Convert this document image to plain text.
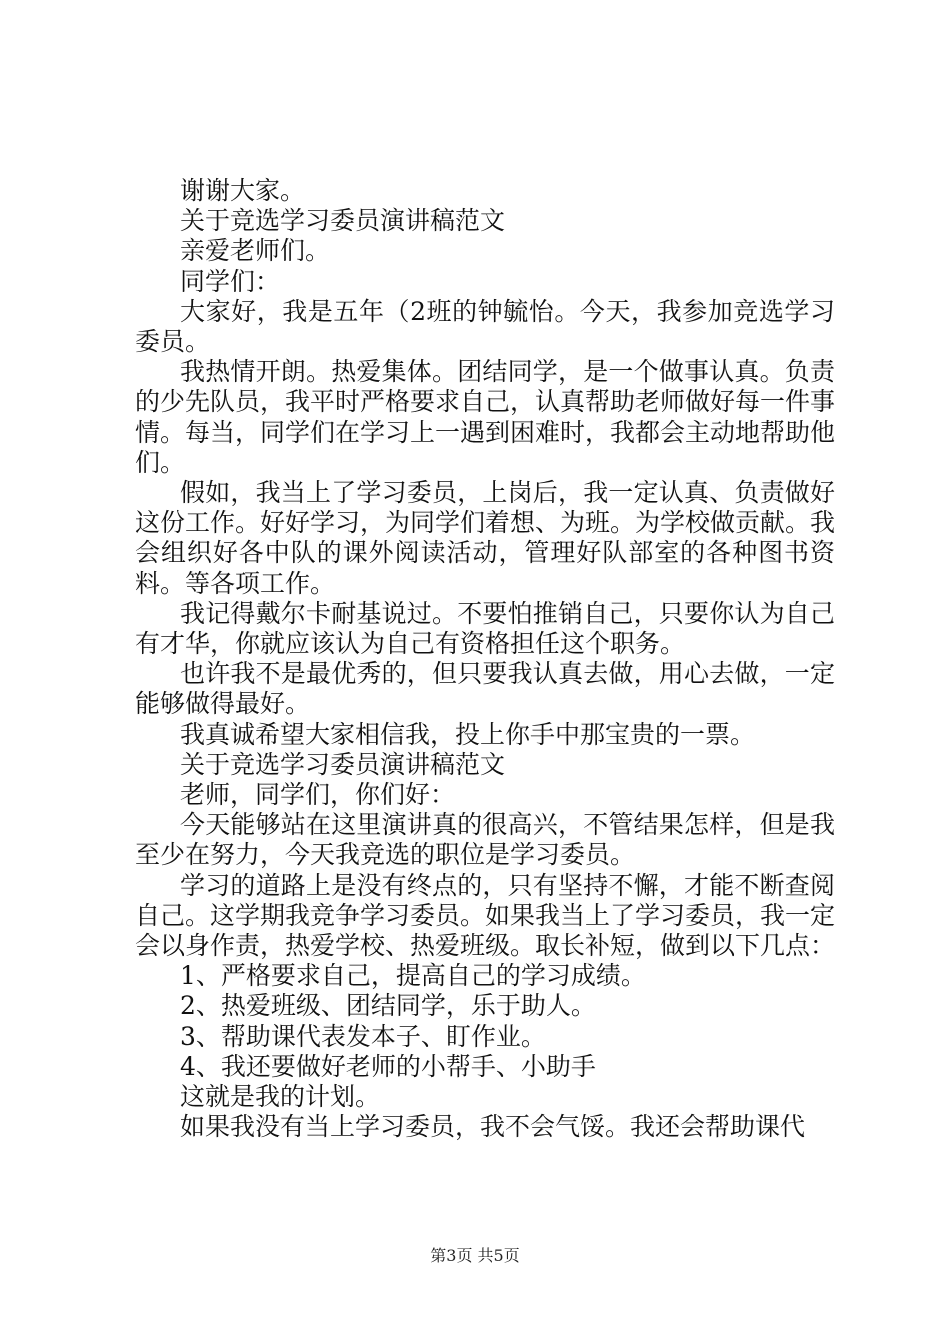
谢谢大家。

关于竞选学习委员演讲稿范文

亲爱老师们。

同学们：

大家好，我是五年（2班的钟毓怡。今天，我参加竞选学习委员。

我热情开朗。热爱集体。团结同学，是一个做事认真。负责的少先队员，我平时严格要求自己，认真帮助老师做好每一件事情。每当，同学们在学习上一遇到困难时，我都会主动地帮助他们。

假如，我当上了学习委员，上岗后，我一定认真、负责做好这份工作。好好学习，为同学们着想、为班。为学校做贡献。我会组织好各中队的课外阅读活动，管理好队部室的各种图书资料。等各项工作。

我记得戴尔卡耐基说过。不要怕推销自己，只要你认为自己有才华，你就应该认为自己有资格担任这个职务。

也许我不是最优秀的，但只要我认真去做，用心去做，一定能够做得最好。

我真诚希望大家相信我，投上你手中那宝贵的一票。

关于竞选学习委员演讲稿范文

老师，同学们，你们好：

今天能够站在这里演讲真的很高兴，不管结果怎样，但是我至少在努力，今天我竞选的职位是学习委员。

学习的道路上是没有终点的，只有坚持不懈，才能不断查阅自己。这学期我竞争学习委员。如果我当上了学习委员，我一定会以身作责，热爱学校、热爱班级。取长补短，做到以下几点：

1、严格要求自己，提高自己的学习成绩。

2、热爱班级、团结同学，乐于助人。

3、帮助课代表发本子、盯作业。

4、我还要做好老师的小帮手、小助手

这就是我的计划。

如果我没有当上学习委员，我不会气馁。我还会帮助课代

第3页 共5页
